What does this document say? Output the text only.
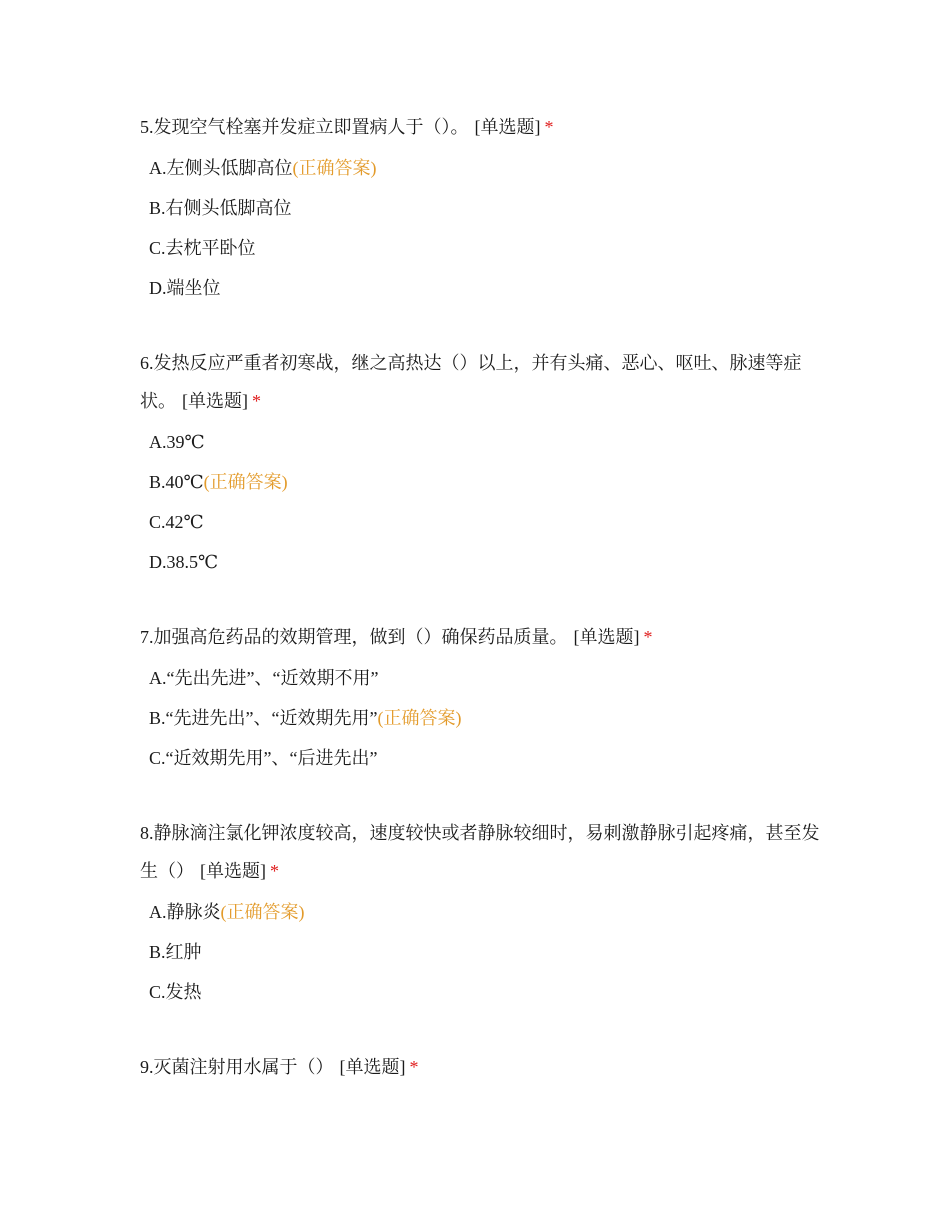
5.发现空气栓塞并发症立即置病人于（）。 [单选题] *
A.左侧头低脚高位(正确答案)
B.右侧头低脚高位
C.去枕平卧位
D.端坐位
6.发热反应严重者初寒战，继之高热达（）以上，并有头痛、恶心、呕吐、脉速等症状。 [单选题] *
A.39℃
B.40℃(正确答案)
C.42℃
D.38.5℃
7.加强高危药品的效期管理，做到（）确保药品质量。 [单选题] *
A.“先出先进”、“近效期不用”
B.“先进先出”、“近效期先用”(正确答案)
C.“近效期先用”、“后进先出”
8.静脉滴注氯化钾浓度较高，速度较快或者静脉较细时，易刺激静脉引起疼痛，甚至发生（） [单选题] *
A.静脉炎(正确答案)
B.红肿
C.发热
9.灭菌注射用水属于（） [单选题] *
